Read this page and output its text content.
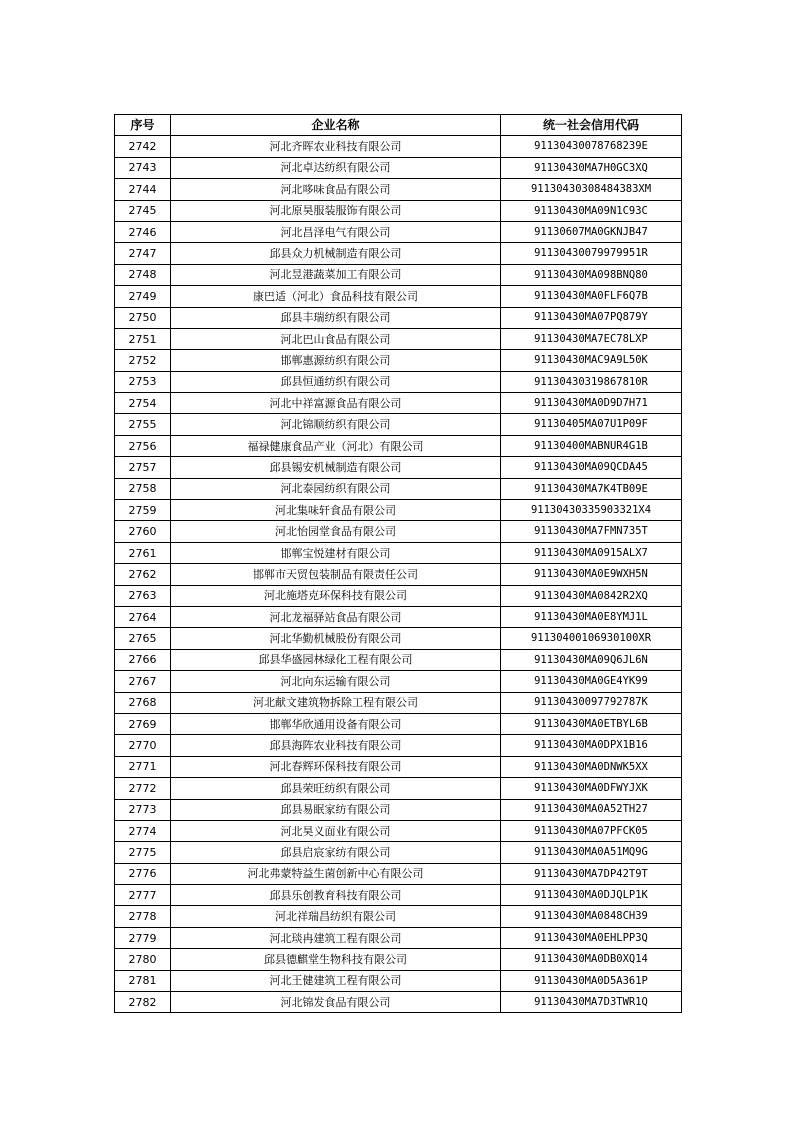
序号	企业名称	统一社会信用代码
2742	河北齐晖农业科技有限公司	91130430078768239E
2743	河北卓达纺织有限公司	91130430MA7H0GC3XQ
2744	河北哆味食品有限公司	91130430308484383XM
2745	河北原昊服装服饰有限公司	91130430MA09N1C93C
2746	河北昌泽电气有限公司	91130607MA0GKNJB47
2747	邱县众力机械制造有限公司	91130430079979951R
2748	河北昱港蔬菜加工有限公司	91130430MA098BNQ80
2749	康巴适（河北）食品科技有限公司	91130430MA0FLF6Q7B
2750	邱县丰瑞纺织有限公司	91130430MA07PQ879Y
2751	河北巴山食品有限公司	91130430MA7EC78LXP
2752	邯郸惠源纺织有限公司	91130430MAC9A9L50K
2753	邱县恒通纺织有限公司	91130430319867810R
2754	河北中祥富源食品有限公司	91130430MA0D9D7H71
2755	河北锦顺纺织有限公司	91130405MA07U1P09F
2756	福禄健康食品产业（河北）有限公司	91130400MABNUR4G1B
2757	邱县锡安机械制造有限公司	91130430MA09QCDA45
2758	河北泰园纺织有限公司	91130430MA7K4TB09E
2759	河北集味轩食品有限公司	91130430335903321X4
2760	河北怡园堂食品有限公司	91130430MA7FMN735T
2761	邯郸宝悦建材有限公司	91130430MA0915ALX7
2762	邯郸市天贸包装制品有限责任公司	91130430MA0E9WXH5N
2763	河北施塔克环保科技有限公司	91130430MA0842R2XQ
2764	河北龙福驿站食品有限公司	91130430MA0E8YMJ1L
2765	河北华勤机械股份有限公司	91130400106930100XR
2766	邱县华盛园林绿化工程有限公司	91130430MA09Q6JL6N
2767	河北向东运输有限公司	91130430MA0GE4YK99
2768	河北献文建筑物拆除工程有限公司	91130430097792787K
2769	邯郸华欣通用设备有限公司	91130430MA0ETBYL6B
2770	邱县海阵农业科技有限公司	91130430MA0DPX1B16
2771	河北春辉环保科技有限公司	91130430MA0DNWK5XX
2772	邱县荣旺纺织有限公司	91130430MA0DFWYJXK
2773	邱县易眠家纺有限公司	91130430MA0A52TH27
2774	河北昊义面业有限公司	91130430MA07PFCK05
2775	邱县启宸家纺有限公司	91130430MA0A51MQ9G
2776	河北弗蒙特益生菌创新中心有限公司	91130430MA7DP42T9T
2777	邱县乐创教育科技有限公司	91130430MA0DJQLP1K
2778	河北祥瑞昌纺织有限公司	91130430MA0848CH39
2779	河北琰冉建筑工程有限公司	91130430MA0EHLPP3Q
2780	邱县德麒堂生物科技有限公司	91130430MA0DB0XQ14
2781	河北王健建筑工程有限公司	91130430MA0D5A361P
2782	河北锦发食品有限公司	91130430MA7D3TWR1Q
